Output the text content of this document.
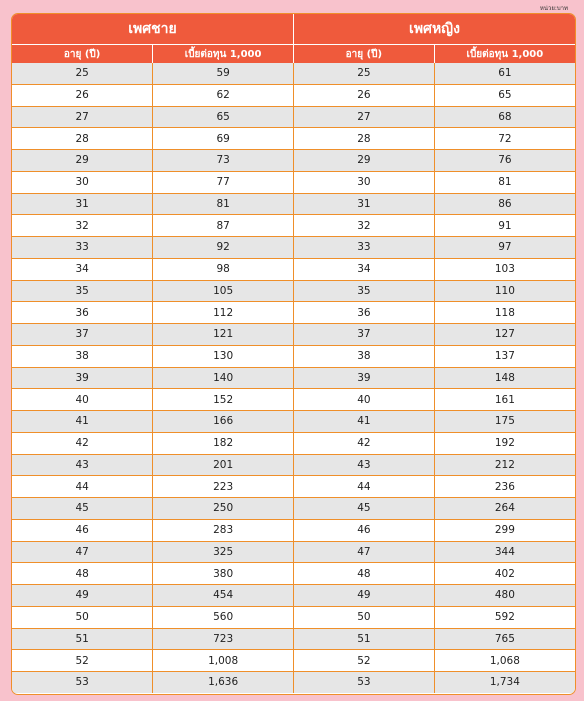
หน่วย:บาท
เพศชาย		เพศหญิง	
อายุ (ปี)	เบี้ยต่อทุน 1,000	อายุ (ปี)	เบี้ยต่อทุน 1,000
25	59	25	61
26	62	26	65
27	65	27	68
28	69	28	72
29	73	29	76
30	77	30	81
31	81	31	86
32	87	32	91
33	92	33	97
34	98	34	103
35	105	35	110
36	112	36	118
37	121	37	127
38	130	38	137
39	140	39	148
40	152	40	161
41	166	41	175
42	182	42	192
43	201	43	212
44	223	44	236
45	250	45	264
46	283	46	299
47	325	47	344
48	380	48	402
49	454	49	480
50	560	50	592
51	723	51	765
52	1,008	52	1,068
53	1,636	53	1,734
